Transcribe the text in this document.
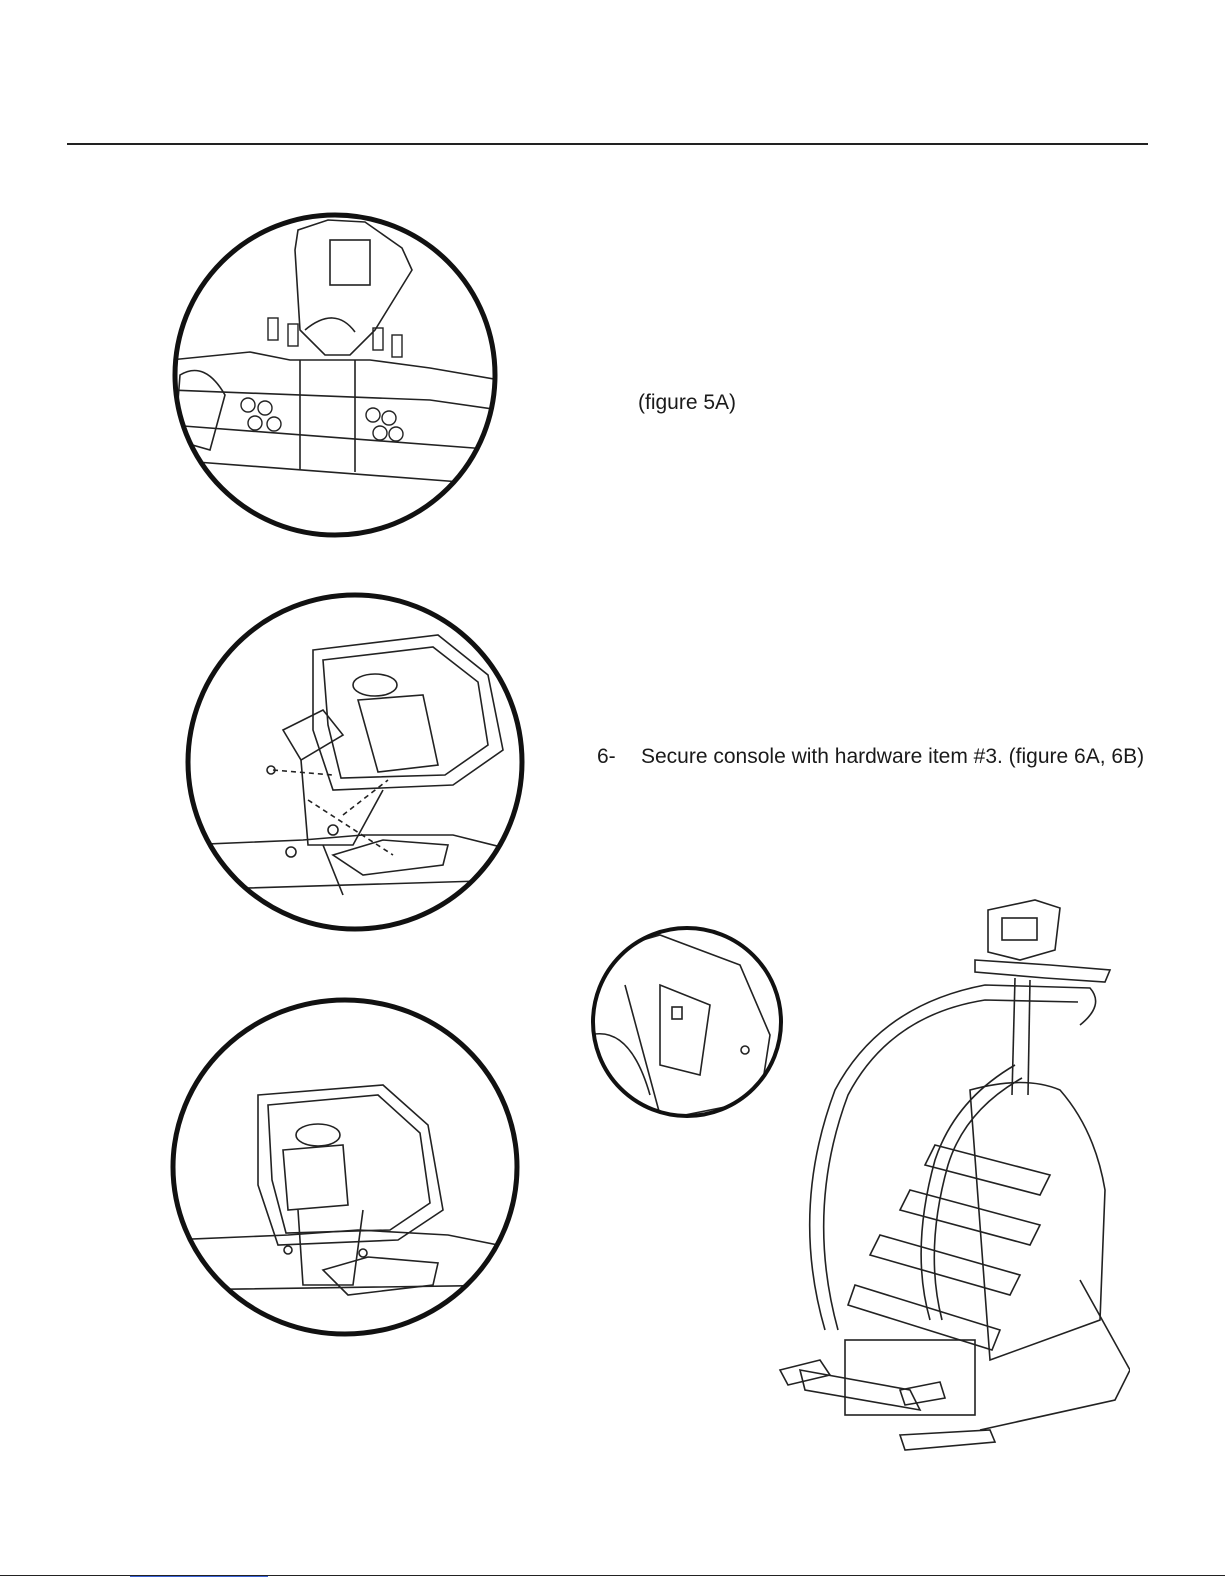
(figure 5A)
6- Secure console with hardware item #3. (figure 6A, 6B)
